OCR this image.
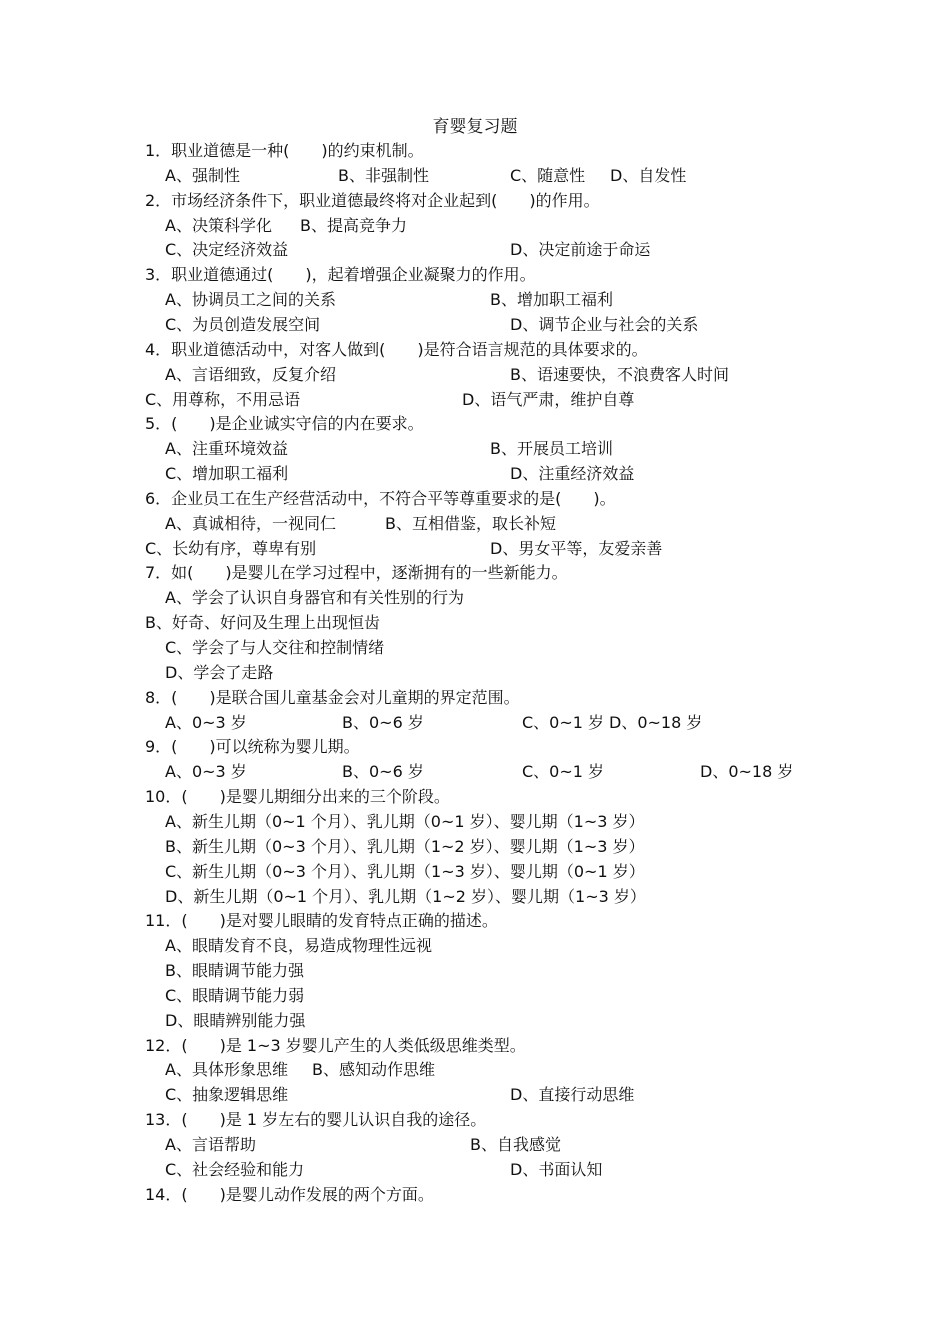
育婴复习题
1．职业道德是一种(　　)的约束机制。
A、强制性	B、非强制性	C、随意性 D、自发性
2．市场经济条件下，职业道德最终将对企业起到(　　)的作用。
A、决策科学化 B、提高竞争力
C、决定经济效益	D、决定前途于命运
3．职业道德通过(　　)，起着增强企业凝聚力的作用。
A、协调员工之间的关系	B、增加职工福利
C、为员创造发展空间	D、调节企业与社会的关系
4．职业道德活动中，对客人做到(　　)是符合语言规范的具体要求的。
A、言语细致，反复介绍	B、语速要快，不浪费客人时间
C、用尊称，不用忌语	D、语气严肃，维护自尊
5．(　　)是企业诚实守信的内在要求。
A、注重环境效益	B、开展员工培训
C、增加职工福利	D、注重经济效益
6．企业员工在生产经营活动中，不符合平等尊重要求的是(　　)。
A、真诚相待，一视同仁	B、互相借鉴，取长补短
C、长幼有序，尊卑有别	D、男女平等，友爱亲善
7．如(　　)是婴儿在学习过程中，逐渐拥有的一些新能力。
A、学会了认识自身器官和有关性别的行为
B、好奇、好问及生理上出现恒齿
C、学会了与人交往和控制情绪
D、学会了走路
8．(　　)是联合国儿童基金会对儿童期的界定范围。
A、0~3 岁	B、0~6 岁	C、0~1 岁 D、0~18 岁
9．(　　)可以统称为婴儿期。
A、0~3 岁	B、0~6 岁	C、0~1 岁	D、0~18 岁
10．(　　)是婴儿期细分出来的三个阶段。
A、新生儿期（0~1 个月）、乳儿期（0~1 岁）、婴儿期（1~3 岁）
B、新生儿期（0~3 个月）、乳儿期（1~2 岁）、婴儿期（1~3 岁）
C、新生儿期（0~3 个月）、乳儿期（1~3 岁）、婴儿期（0~1 岁）
D、新生儿期（0~1 个月）、乳儿期（1~2 岁）、婴儿期（1~3 岁）
11．(　　)是对婴儿眼睛的发育特点正确的描述。
A、眼睛发育不良，易造成物理性远视
B、眼睛调节能力强
C、眼睛调节能力弱
D、眼睛辨别能力强
12．(　　)是 1~3 岁婴儿产生的人类低级思维类型。
A、具体形象思维 B、感知动作思维
C、抽象逻辑思维	D、直接行动思维
13．(　　)是 1 岁左右的婴儿认识自我的途径。
A、言语帮助	B、自我感觉
C、社会经验和能力	D、书面认知
14．(　　)是婴儿动作发展的两个方面。
